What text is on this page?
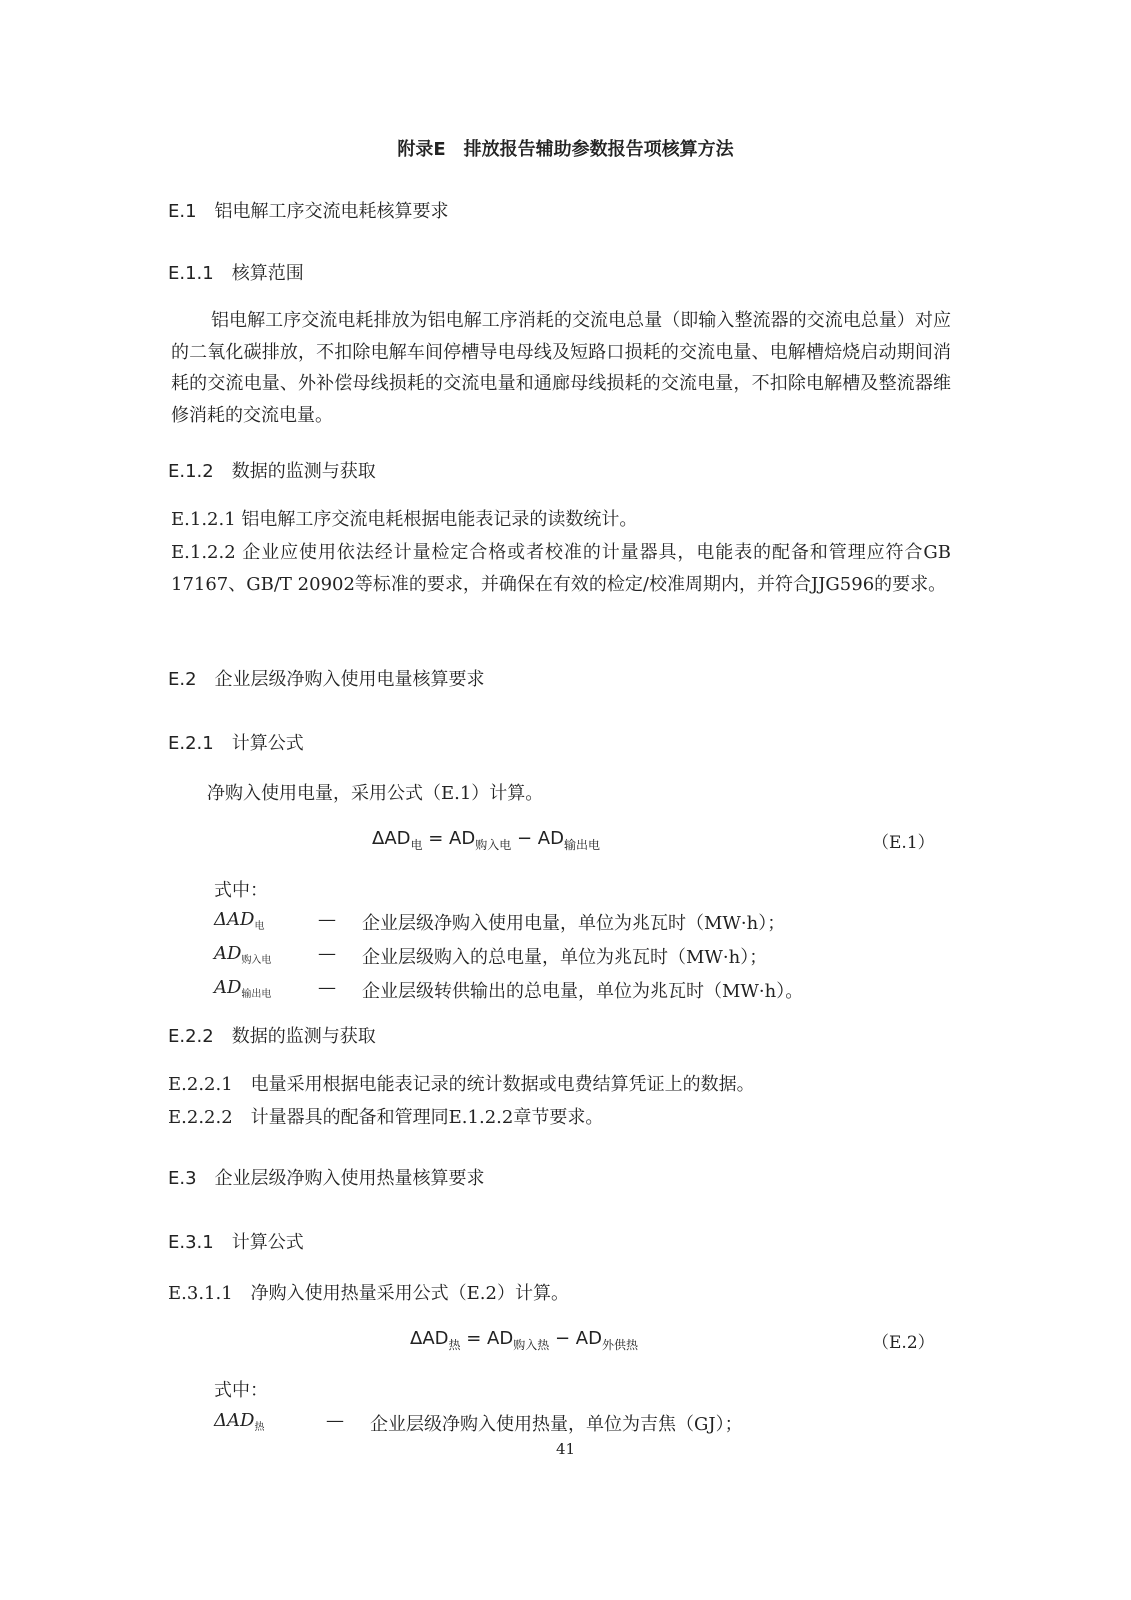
附录E　排放报告辅助参数报告项核算方法
E.1　铝电解工序交流电耗核算要求
E.1.1　核算范围
铝电解工序交流电耗排放为铝电解工序消耗的交流电总量（即输入整流器的交流电总量）对应的二氧化碳排放，不扣除电解车间停槽导电母线及短路口损耗的交流电量、电解槽焙烧启动期间消耗的交流电量、外补偿母线损耗的交流电量和通廊母线损耗的交流电量，不扣除电解槽及整流器维修消耗的交流电量。
E.1.2　数据的监测与获取
E.1.2.1 铝电解工序交流电耗根据电能表记录的读数统计。
E.1.2.2 企业应使用依法经计量检定合格或者校准的计量器具，电能表的配备和管理应符合GB 17167、GB/T 20902等标准的要求，并确保在有效的检定/校准周期内，并符合JJG596的要求。
E.2　企业层级净购入使用电量核算要求
E.2.1　计算公式
净购入使用电量，采用公式（E.1）计算。
$\Delta AD_电 = AD_{购入电} - AD_{输出电}$	（E.1）
式中：
$\Delta AD_电$	— 企业层级净购入使用电量，单位为兆瓦时（MW·h）；
$AD_{购入电}$	— 企业层级购入的总电量，单位为兆瓦时（MW·h）；
$AD_{输出电}$	— 企业层级转供输出的总电量，单位为兆瓦时（MW·h）。
E.2.2　数据的监测与获取
E.2.2.1　电量采用根据电能表记录的统计数据或电费结算凭证上的数据。
E.2.2.2　计量器具的配备和管理同E.1.2.2章节要求。
E.3　企业层级净购入使用热量核算要求
E.3.1　计算公式
E.3.1.1　净购入使用热量采用公式（E.2）计算。
$\Delta AD_热 = AD_{购入热} - AD_{外供热}$	（E.2）
式中：
$\Delta AD_热$	— 企业层级净购入使用热量，单位为吉焦（GJ）；
41
